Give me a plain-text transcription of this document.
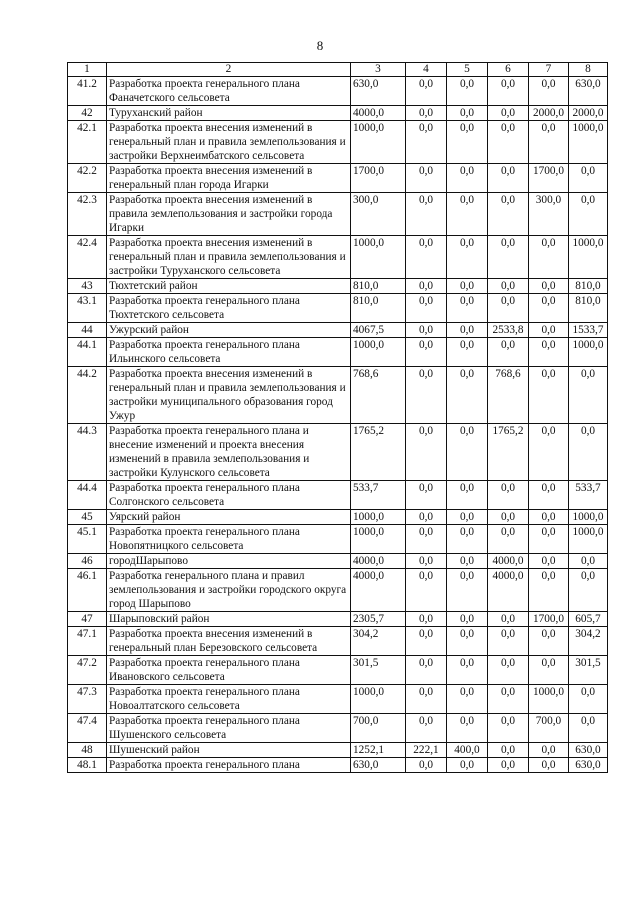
8
1	2	3	4	5	6	7	8
41.2	Разработка проекта генерального плана Фаначетского сельсовета	630,0	0,0	0,0	0,0	0,0	630,0
42	Туруханский район	4000,0	0,0	0,0	0,0	2000,0	2000,0
42.1	Разработка проекта внесения изменений в генеральный план и правила землепользования и застройки Верхнеимбатского сельсовета	1000,0	0,0	0,0	0,0	0,0	1000,0
42.2	Разработка проекта внесения изменений в генеральный план города Игарки	1700,0	0,0	0,0	0,0	1700,0	0,0
42.3	Разработка проекта внесения изменений в правила землепользования и застройки города Игарки	300,0	0,0	0,0	0,0	300,0	0,0
42.4	Разработка проекта внесения изменений в генеральный план и правила землепользования и застройки Туруханского сельсовета	1000,0	0,0	0,0	0,0	0,0	1000,0
43	Тюхтетский район	810,0	0,0	0,0	0,0	0,0	810,0
43.1	Разработка проекта генерального плана Тюхтетского сельсовета	810,0	0,0	0,0	0,0	0,0	810,0
44	Ужурский район	4067,5	0,0	0,0	2533,8	0,0	1533,7
44.1	Разработка проекта генерального плана Ильинского сельсовета	1000,0	0,0	0,0	0,0	0,0	1000,0
44.2	Разработка проекта внесения изменений в генеральный план и правила землепользования и застройки муниципального образования город Ужур	768,6	0,0	0,0	768,6	0,0	0,0
44.3	Разработка проекта генерального плана и внесение изменений и проекта внесения изменений в правила землепользования и застройки Кулунского сельсовета	1765,2	0,0	0,0	1765,2	0,0	0,0
44.4	Разработка проекта генерального плана Солгонского сельсовета	533,7	0,0	0,0	0,0	0,0	533,7
45	Уярский район	1000,0	0,0	0,0	0,0	0,0	1000,0
45.1	Разработка проекта генерального плана Новопятницкого сельсовета	1000,0	0,0	0,0	0,0	0,0	1000,0
46	городШарыпово	4000,0	0,0	0,0	4000,0	0,0	0,0
46.1	Разработка генерального плана и правил землепользования и застройки городского округа город Шарыпово	4000,0	0,0	0,0	4000,0	0,0	0,0
47	Шарыповский район	2305,7	0,0	0,0	0,0	1700,0	605,7
47.1	Разработка проекта внесения изменений в генеральный план Березовского сельсовета	304,2	0,0	0,0	0,0	0,0	304,2
47.2	Разработка проекта генерального плана Ивановского сельсовета	301,5	0,0	0,0	0,0	0,0	301,5
47.3	Разработка проекта генерального плана Новоалтатского сельсовета	1000,0	0,0	0,0	0,0	1000,0	0,0
47.4	Разработка проекта генерального плана Шушенского сельсовета	700,0	0,0	0,0	0,0	700,0	0,0
48	Шушенский район	1252,1	222,1	400,0	0,0	0,0	630,0
48.1	Разработка проекта генерального плана	630,0	0,0	0,0	0,0	0,0	630,0
